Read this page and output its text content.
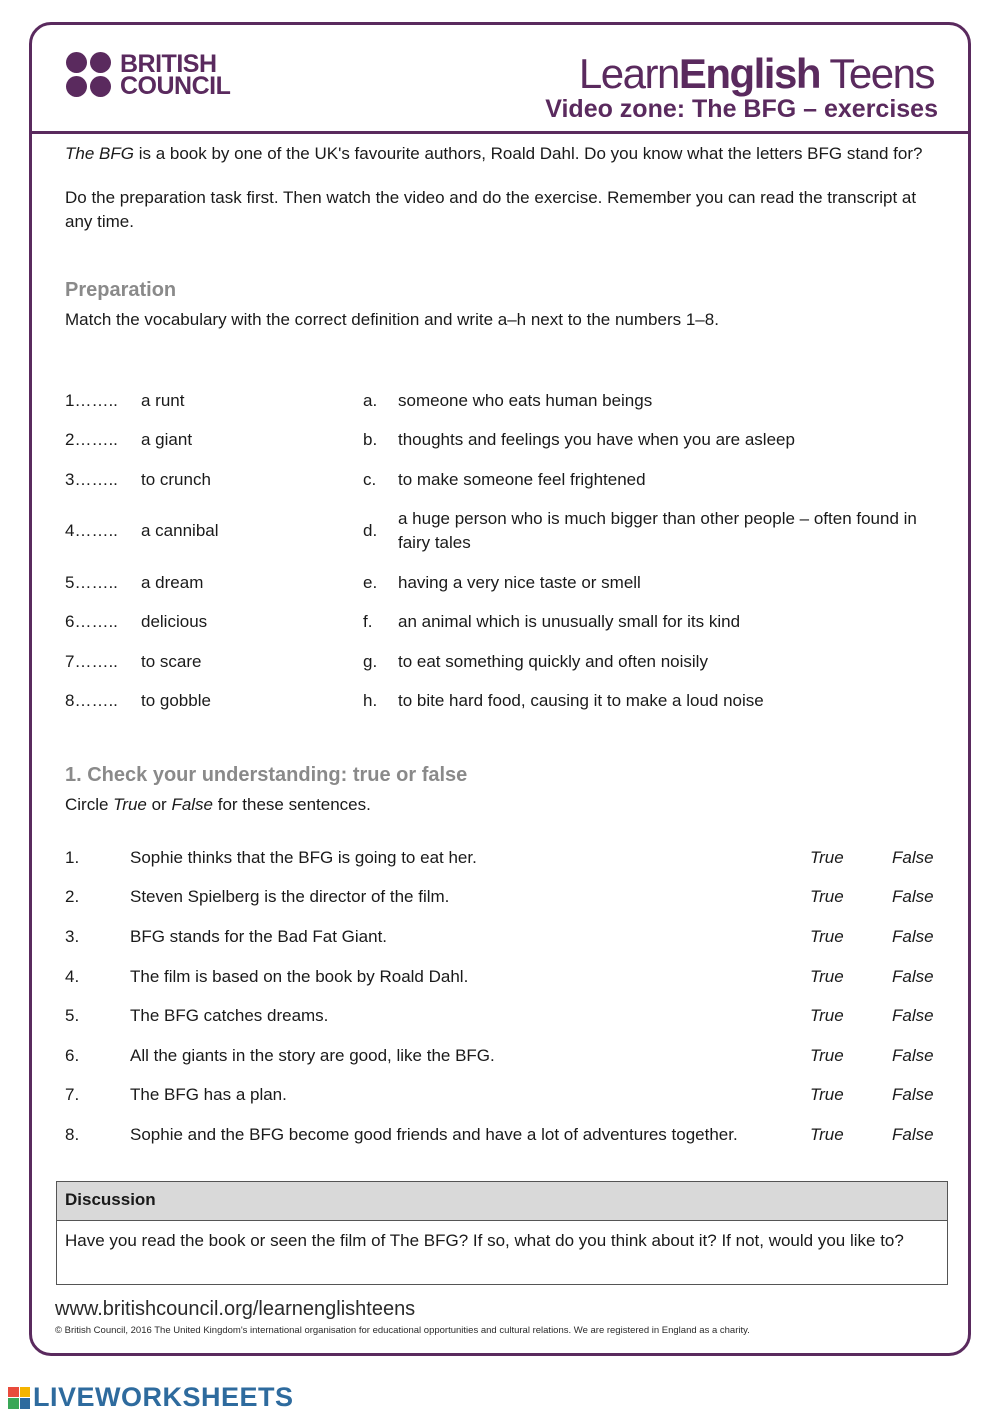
BRITISH
COUNCIL	LearnEnglish Teens
Video zone: The BFG – exercises

The BFG is a book by one of the UK's favourite authors, Roald Dahl. Do you know what the letters BFG stand for?

Do the preparation task first. Then watch the video and do the exercise. Remember you can read the transcript at any time.

Preparation
Match the vocabulary with the correct definition and write a–h next to the numbers 1–8.
1……..	a runt	a.	someone who eats human beings
2……..	a giant	b.	thoughts and feelings you have when you are asleep
3……..	to crunch	c.	to make someone feel frightened
4……..	a cannibal	d.
a huge person who is much bigger than other people – often found in fairy tales
5……..	a dream	e.	having a very nice taste or smell
6……..	delicious	f.	an animal which is unusually small for its kind
7……..	to scare	g.	to eat something quickly and often noisily
8……..	to gobble	h.	to bite hard food, causing it to make a loud noise
1. Check your understanding: true or false
Circle True or False for these sentences.
1.	Sophie thinks that the BFG is going to eat her.	True	False
2.	Steven Spielberg is the director of the film.	True	False
3.	BFG stands for the Bad Fat Giant.	True	False
4.	The film is based on the book by Roald Dahl.	True	False
5.	The BFG catches dreams.	True	False
6.	All the giants in the story are good, like the BFG.	True	False
7.	The BFG has a plan.	True	False
8.	Sophie and the BFG become good friends and have a lot of adventures together.	True	False
Discussion
Have you read the book or seen the film of The BFG? If so, what do you think about it? If not, would you like to?
www.britishcouncil.org/learnenglishteens
© British Council, 2016 The United Kingdom's international organisation for educational opportunities and cultural relations. We are registered in England as a charity.
LIVEWORKSHEETS
